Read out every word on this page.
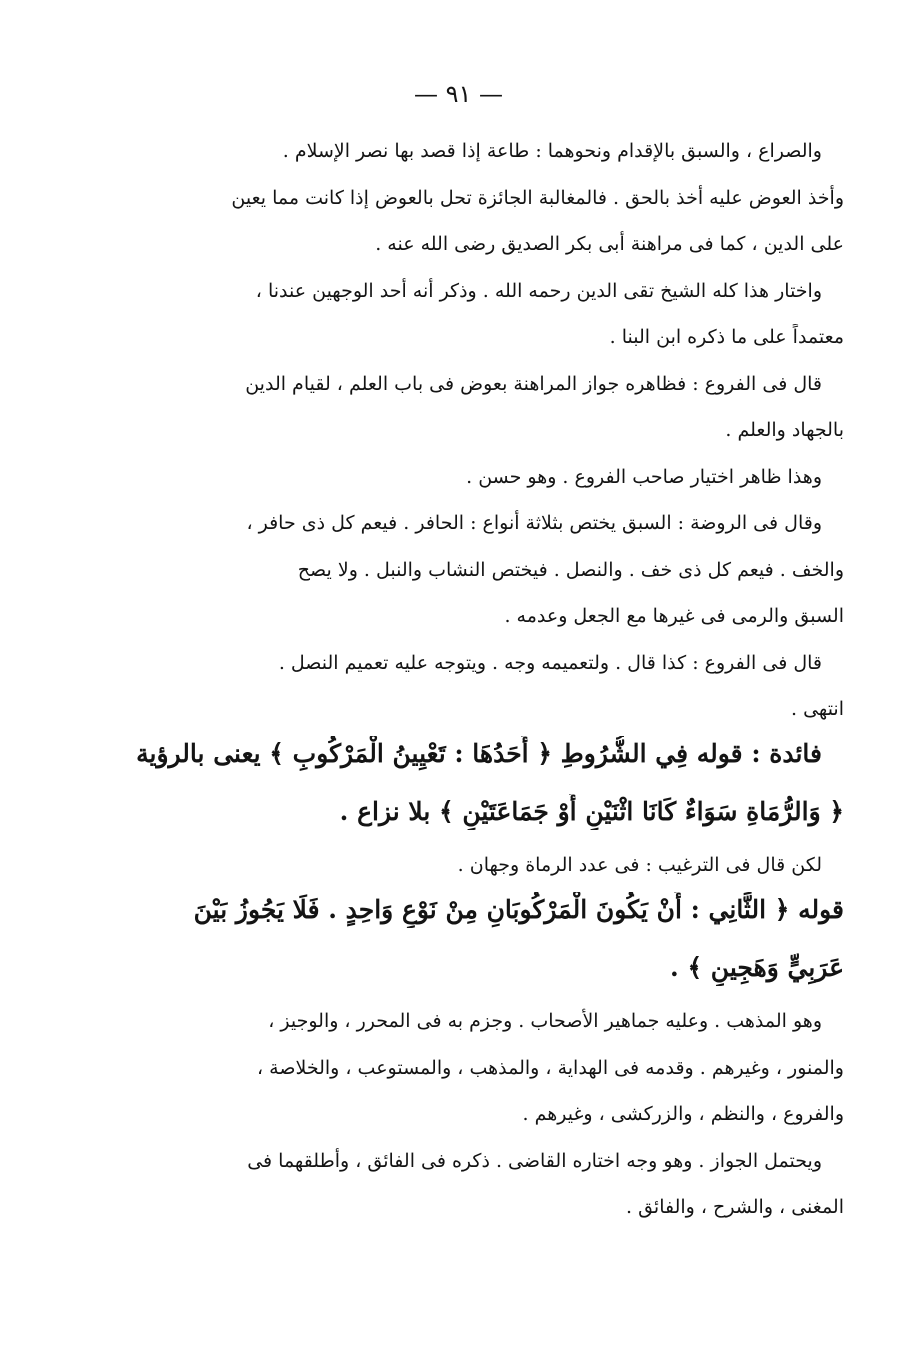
— ٩١ —
والصراع ، والسبق بالإقدام ونحوهما : طاعة إذا قصد بها نصر الإسلام .
وأخذ العوض عليه أخذ بالحق . فالمغالبة الجائزة تحل بالعوض إذا كانت مما يعين
على الدين ، كما فى مراهنة أبى بكر الصديق رضى الله عنه .
واختار هذا كله الشيخ تقى الدين رحمه الله . وذكر أنه أحد الوجهين عندنا ،
معتمداً على ما ذكره ابن البنا .
قال فى الفروع : فظاهره جواز المراهنة بعوض فى باب العلم ، لقيام الدين
بالجهاد والعلم .
وهذا ظاهر اختيار صاحب الفروع . وهو حسن .
وقال فى الروضة : السبق يختص بثلاثة أنواع : الحافر . فيعم كل ذى حافر ،
والخف . فيعم كل ذى خف . والنصل . فيختص النشاب والنبل . ولا يصح
السبق والرمى فى غيرها مع الجعل وعدمه .
قال فى الفروع : كذا قال . ولتعميمه وجه . ويتوجه عليه تعميم النصل .
انتهى .
فائدة : قوله فِي الشُّرُوطِ ﴿ أَحَدُهَا : تَعْيِينُ الْمَرْكُوبِ ﴾ يعنى بالرؤية
﴿ وَالرُّمَاةِ سَوَاءٌ كَانَا اثْنَيْنِ أَوْ جَمَاعَتَيْنِ ﴾ بلا نزاع .
لكن قال فى الترغيب : فى عدد الرماة وجهان .
قوله ﴿ الثَّانِي : أَنْ يَكُونَ الْمَرْكُوبَانِ مِنْ نَوْعٍ وَاحِدٍ . فَلَا يَجُوزُ بَيْنَ
عَرَبِيٍّ وَهَجِينٍ ﴾ .
وهو المذهب . وعليه جماهير الأصحاب . وجزم به فى المحرر ، والوجيز ،
والمنور ، وغيرهم . وقدمه فى الهداية ، والمذهب ، والمستوعب ، والخلاصة ،
والفروع ، والنظم ، والزركشى ، وغيرهم .
ويحتمل الجواز . وهو وجه اختاره القاضى . ذكره فى الفائق ، وأطلقهما فى
المغنى ، والشرح ، والفائق .
